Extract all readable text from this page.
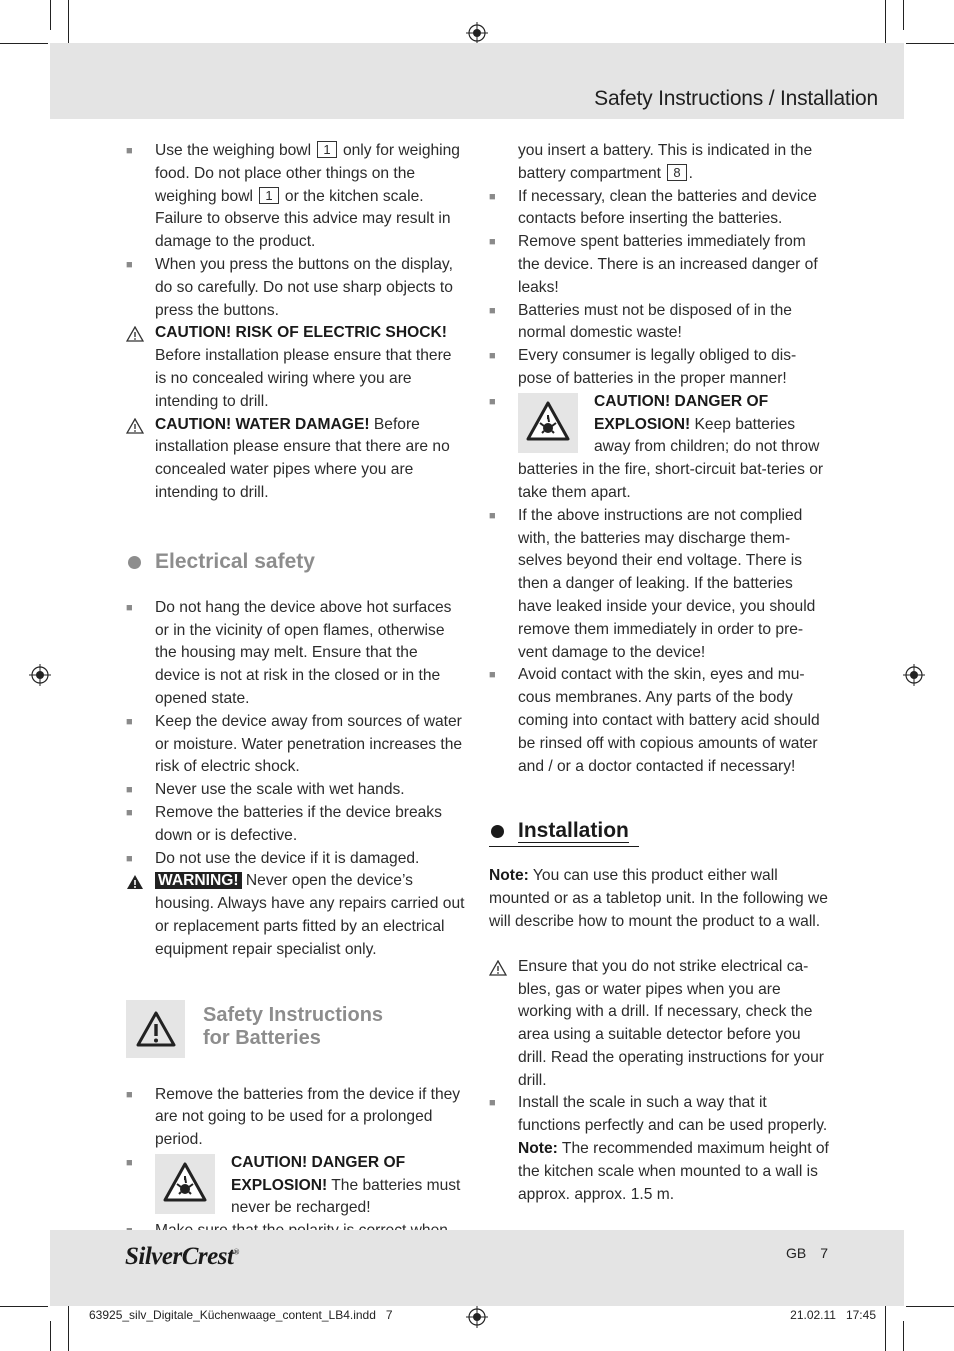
Safety Instructions / Installation
■ Use the weighing bowl 1 only for weighing food. Do not place other things on the weighing bowl 1 or the kitchen scale. Failure to observe this advice may result in damage to the product.
■ When you press the buttons on the display, do so carefully. Do not use sharp objects to press the buttons.
CAUTION! RISK OF ELECTRIC SHOCK! Before installation please ensure that there is no concealed wiring where you are intending to drill.
CAUTION! WATER DAMAGE! Before installation please ensure that there are no concealed water pipes where you are intending to drill.
Electrical safety
■ Do not hang the device above hot surfaces or in the vicinity of open flames, otherwise the housing may melt. Ensure that the device is not at risk in the closed or in the opened state.
■ Keep the device away from sources of water or moisture. Water penetration increases the risk of electric shock.
■ Never use the scale with wet hands.
■ Remove the batteries if the device breaks down or is defective.
■ Do not use the device if it is damaged.
WARNING! Never open the device’s housing. Always have any repairs carried out or replacement parts fitted by an electrical equipment repair specialist only.
Safety Instructions
for Batteries
■ Remove the batteries from the device if they are not going to be used for a prolonged period.
■	CAUTION! DANGER OF EXPLOSION! The batteries must never be recharged!
you insert a battery. This is indicated in the battery compartment 8 .
■ If necessary, clean the batteries and device contacts before inserting the batteries.
■ Remove spent batteries immediately from the device. There is an increased danger of leaks!
■ Batteries must not be disposed of in the normal domestic waste!
■ Every consumer is legally obliged to dis-pose of batteries in the proper manner!
■	CAUTION! DANGER OF EXPLOSION! Keep batteries away from children; do not throw batteries in the fire, short-circuit bat-teries or take them apart.
■ If the above instructions are not complied with, the batteries may discharge them-selves beyond their end voltage. There is then a danger of leaking. If the batteries have leaked inside your device, you should remove them immediately in order to pre-vent damage to the device!
■ Avoid contact with the skin, eyes and mu-cous membranes. Any parts of the body coming into contact with battery acid should be rinsed off with copious amounts of water and / or a doctor contacted if necessary!
Installation

Note: You can use this product either wall mounted or as a tabletop unit. In the following we will describe how to mount the product to a wall.

Ensure that you do not strike electrical ca-bles, gas or water pipes when you are working with a drill. If necessary, check the area using a suitable detector before you drill. Read the operating instructions for your drill.
■ Install the scale in such a way that it functions perfectly and can be used properly.
Note: The recommended maximum height of the kitchen scale when mounted to a wall is approx. approx. 1.5 m.
SilverCrest®	GB 7
63925_silv_Digitale_Küchenwaage_content_LB4.indd   7	21.02.11   17:45
